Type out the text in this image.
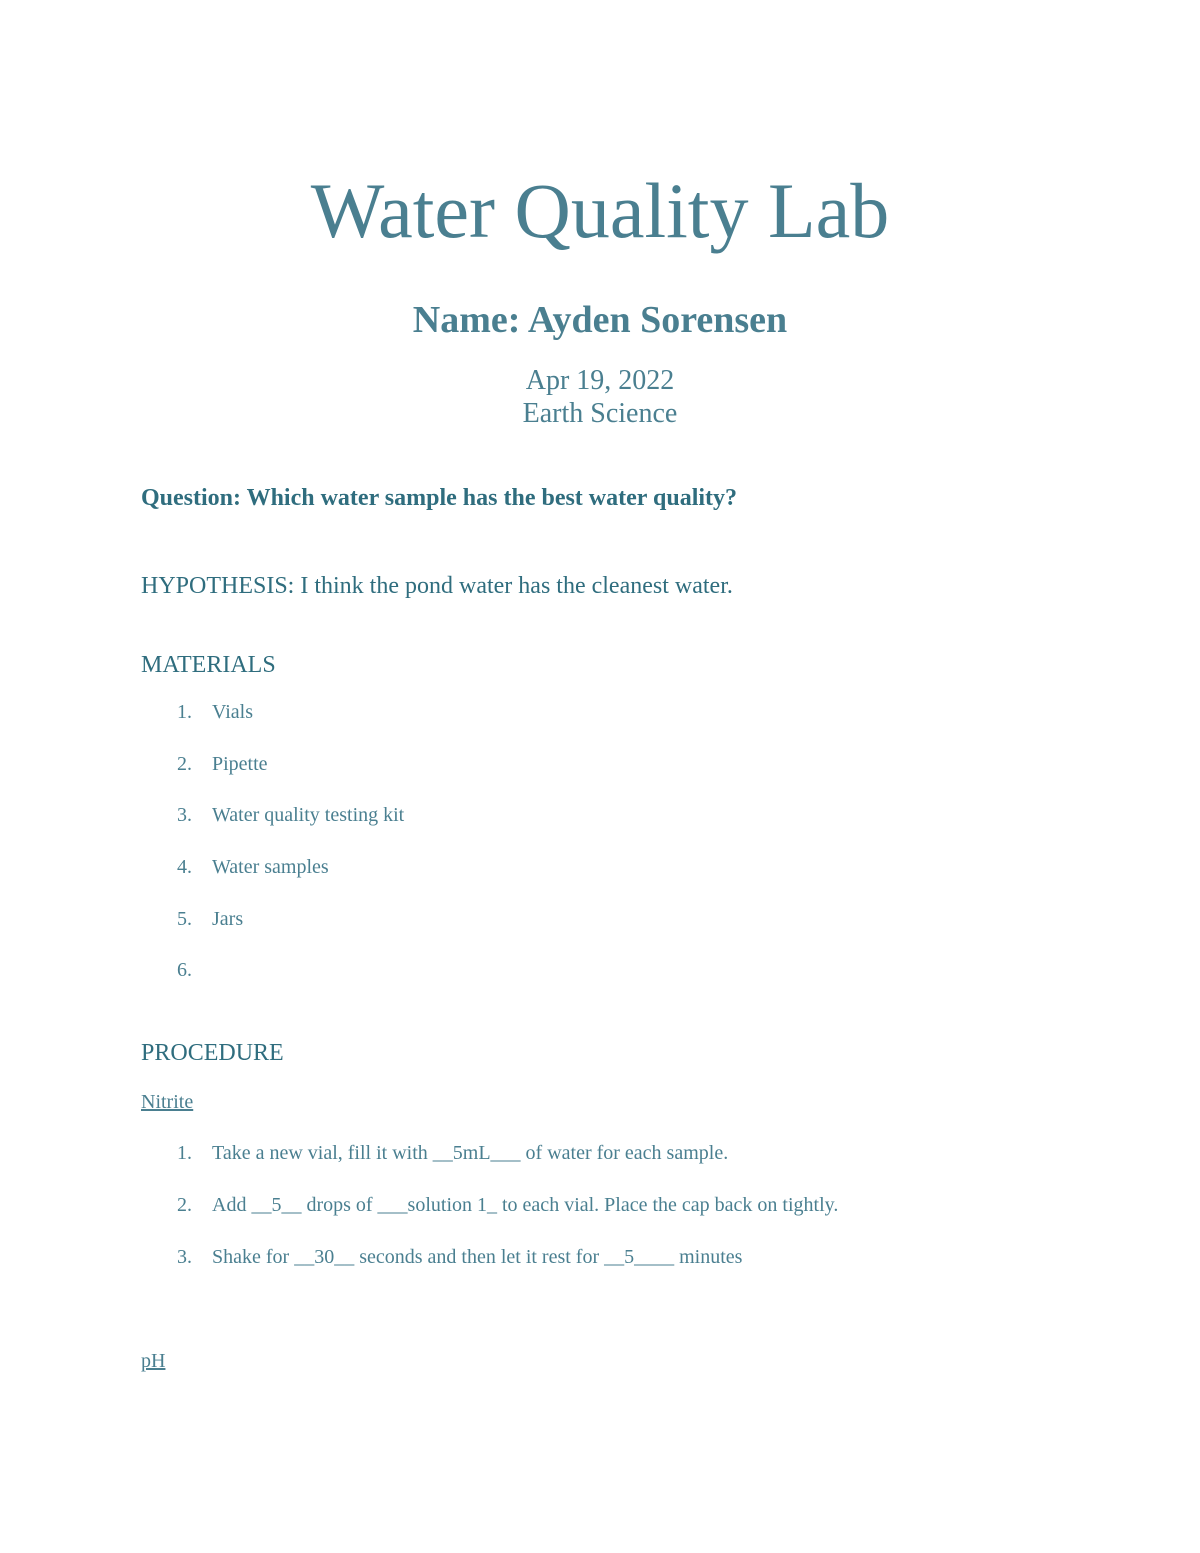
Water Quality Lab
Name: Ayden Sorensen
Apr 19, 2022
Earth Science
Question: Which water sample has the best water quality?
HYPOTHESIS: I think the pond water has the cleanest water.
MATERIALS
1. Vials
2. Pipette
3. Water quality testing kit
4. Water samples
5. Jars
6.
PROCEDURE
Nitrite
1. Take a new vial, fill it with __5mL___ of water for each sample.
2. Add __5__ drops of ___solution 1_ to each vial. Place the cap back on tightly.
3. Shake for __30__ seconds and then let it rest for __5____ minutes
pH
